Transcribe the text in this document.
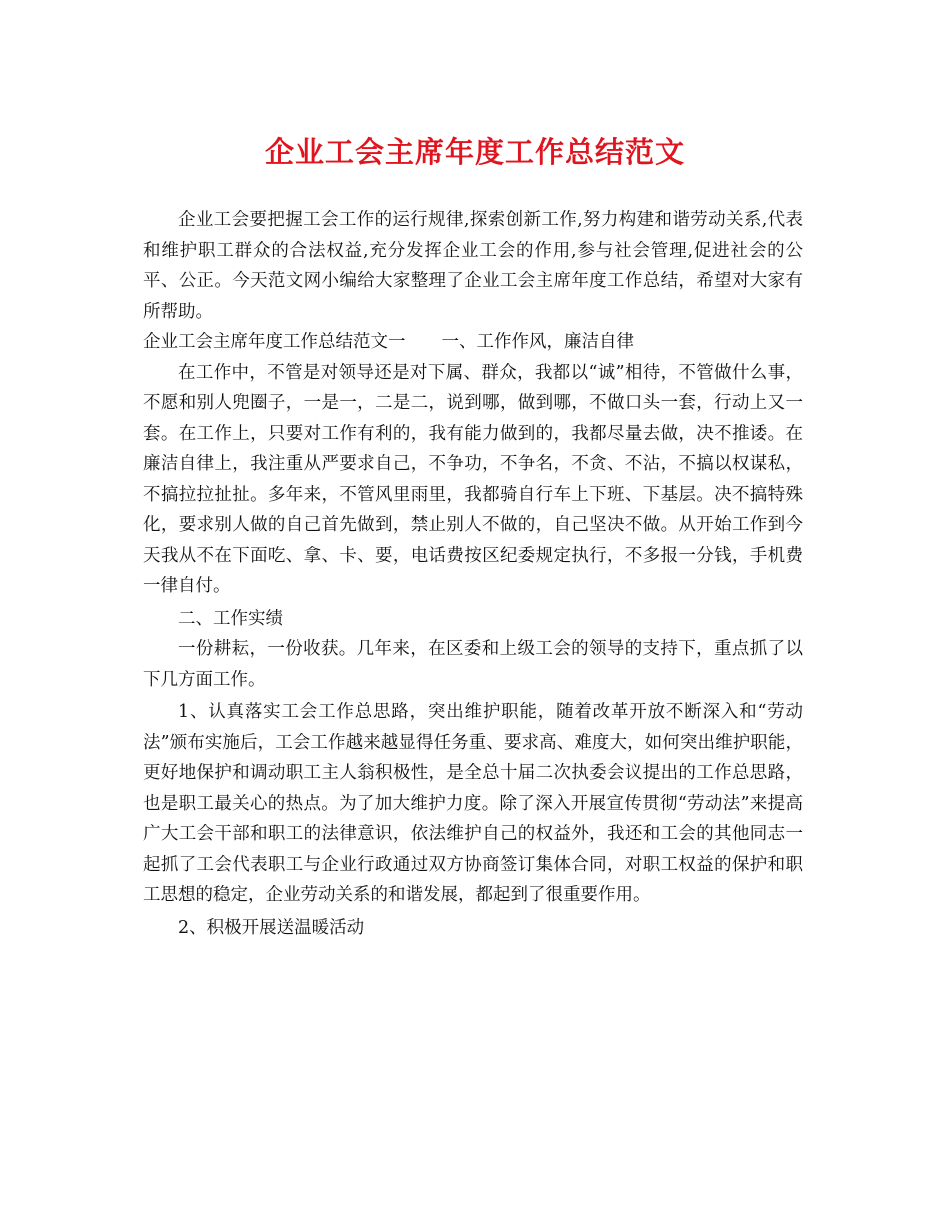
企业工会主席年度工作总结范文

企业工会要把握工会工作的运行规律,探索创新工作,努力构建和谐劳动关系,代表和维护职工群众的合法权益,充分发挥企业工会的作用,参与社会管理,促进社会的公平、公正。今天范文网小编给大家整理了企业工会主席年度工作总结，希望对大家有所帮助。

企业工会主席年度工作总结范文一 一、工作作风，廉洁自律

在工作中，不管是对领导还是对下属、群众，我都以“诚”相待，不管做什么事，不愿和别人兜圈子，一是一，二是二，说到哪，做到哪，不做口头一套，行动上又一套。在工作上，只要对工作有利的，我有能力做到的，我都尽量去做，决不推诿。在廉洁自律上，我注重从严要求自己，不争功，不争名，不贪、不沾，不搞以权谋私，不搞拉拉扯扯。多年来，不管风里雨里，我都骑自行车上下班、下基层。决不搞特殊化，要求别人做的自己首先做到，禁止别人不做的，自己坚决不做。从开始工作到今天我从不在下面吃、拿、卡、要，电话费按区纪委规定执行，不多报一分钱，手机费一律自付。

二、工作实绩

一份耕耘，一份收获。几年来，在区委和上级工会的领导的支持下，重点抓了以下几方面工作。

1、认真落实工会工作总思路，突出维护职能，随着改革开放不断深入和“劳动法”颁布实施后，工会工作越来越显得任务重、要求高、难度大，如何突出维护职能，更好地保护和调动职工主人翁积极性，是全总十届二次执委会议提出的工作总思路，也是职工最关心的热点。为了加大维护力度。除了深入开展宣传贯彻“劳动法”来提高广大工会干部和职工的法律意识，依法维护自己的权益外，我还和工会的其他同志一起抓了工会代表职工与企业行政通过双方协商签订集体合同，对职工权益的保护和职工思想的稳定，企业劳动关系的和谐发展，都起到了很重要作用。

2、积极开展送温暖活动
